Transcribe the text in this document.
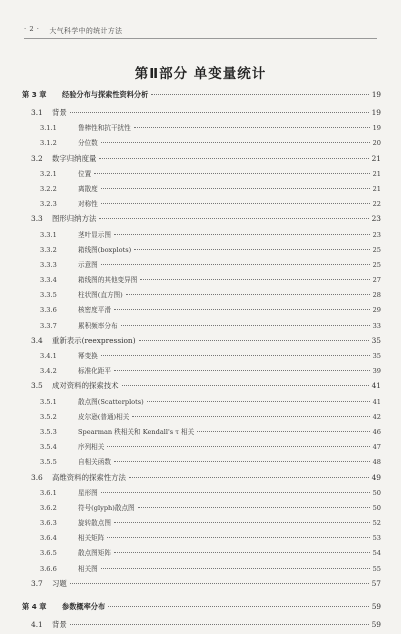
· 2 · 大气科学中的统计方法
第Ⅱ部分 单变量统计
第 3 章	经验分布与探索性资料分析	19
3.1	背景	19
3.1.1	鲁棒性和抗干扰性	19
3.1.2	分位数	20
3.2	数字归纳度量	21
3.2.1	位置	21
3.2.2	离散度	21
3.2.3	对称性	22
3.3	图形归纳方法	23
3.3.1	茎叶显示图	23
3.3.2	箱线图(boxplots)	25
3.3.3	示意图	25
3.3.4	箱线图的其他变异图	27
3.3.5	柱状图(直方图)	28
3.3.6	核密度平滑	29
3.3.7	累积频率分布	33
3.4	重新表示(reexpression)	35
3.4.1	幂变换	35
3.4.2	标准化距平	39
3.5	成对资料的探索技术	41
3.5.1	散点图(Scatterplots)	41
3.5.2	皮尔逊(普通)相关	42
3.5.3	Spearman 秩相关和 Kendall's τ 相关	46
3.5.4	序列相关	47
3.5.5	自相关函数	48
3.6	高维资料的探索性方法	49
3.6.1	星形图	50
3.6.2	符号(glyph)散点图	50
3.6.3	旋转散点图	52
3.6.4	相关矩阵	53
3.6.5	散点图矩阵	54
3.6.6	相关图	55
3.7	习题	57
第 4 章	参数概率分布	59
4.1	背景	59
